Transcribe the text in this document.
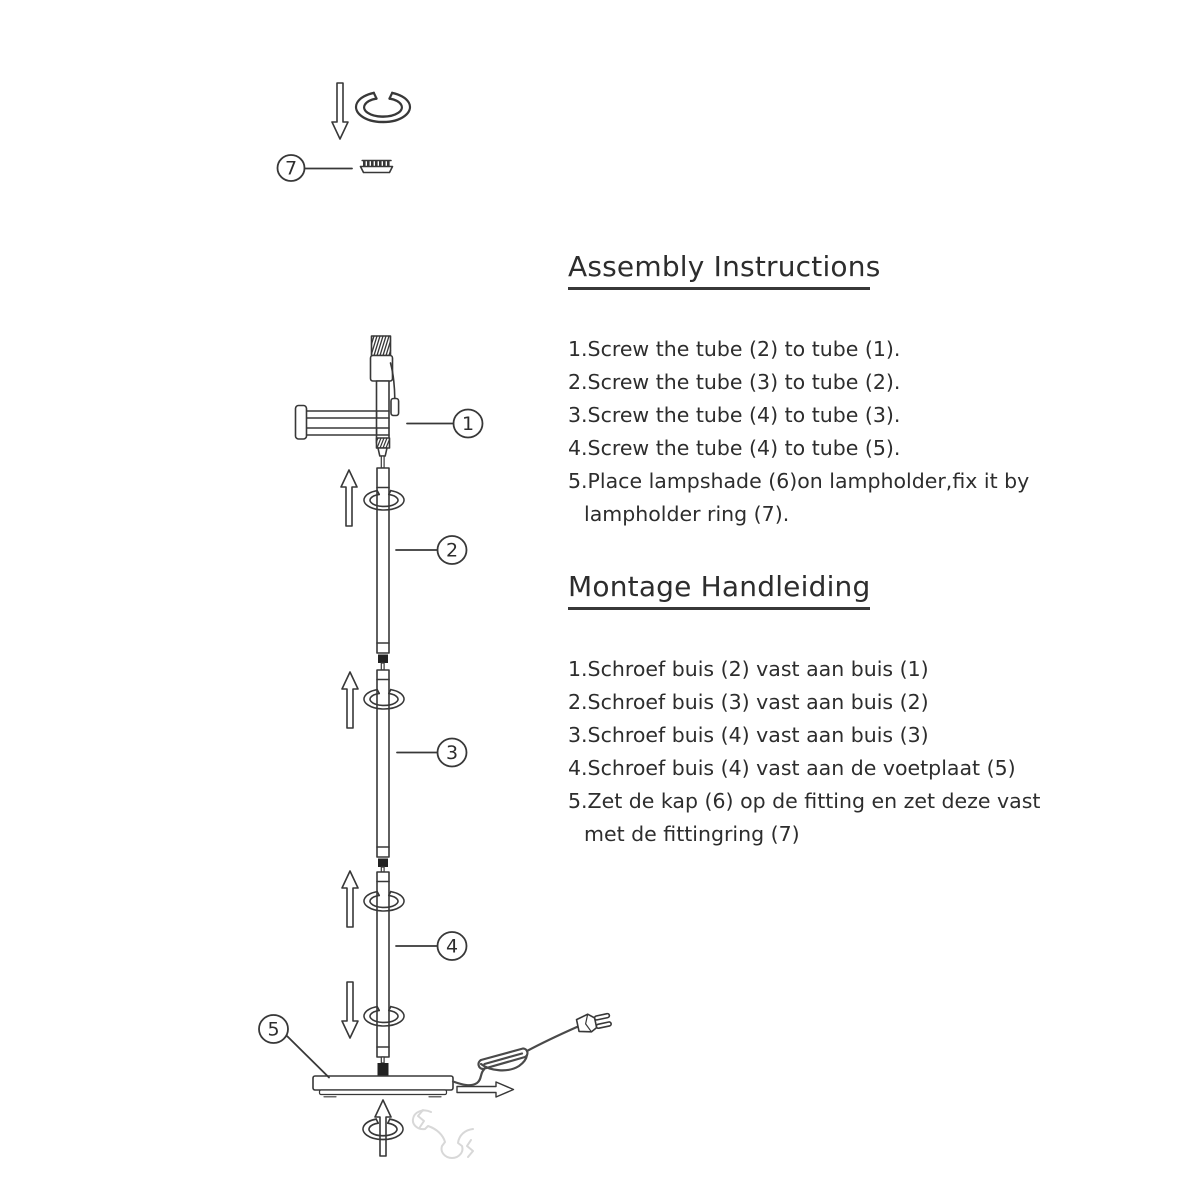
1
2
3
4
5
7
Assembly Instructions
1.Screw the tube (2) to tube (1).
2.Screw the tube (3) to tube (2).
3.Screw the tube (4) to tube (3).
4.Screw the tube (4) to tube (5).
5.Place lampshade (6)on lampholder,fix it by
lampholder ring (7).
Montage Handleiding
1.Schroef buis (2) vast aan buis (1)
2.Schroef buis (3) vast aan buis (2)
3.Schroef buis (4) vast aan buis (3)
4.Schroef buis (4) vast aan de voetplaat (5)
5.Zet de kap (6) op de fitting en zet deze vast
met de fittingring (7)
